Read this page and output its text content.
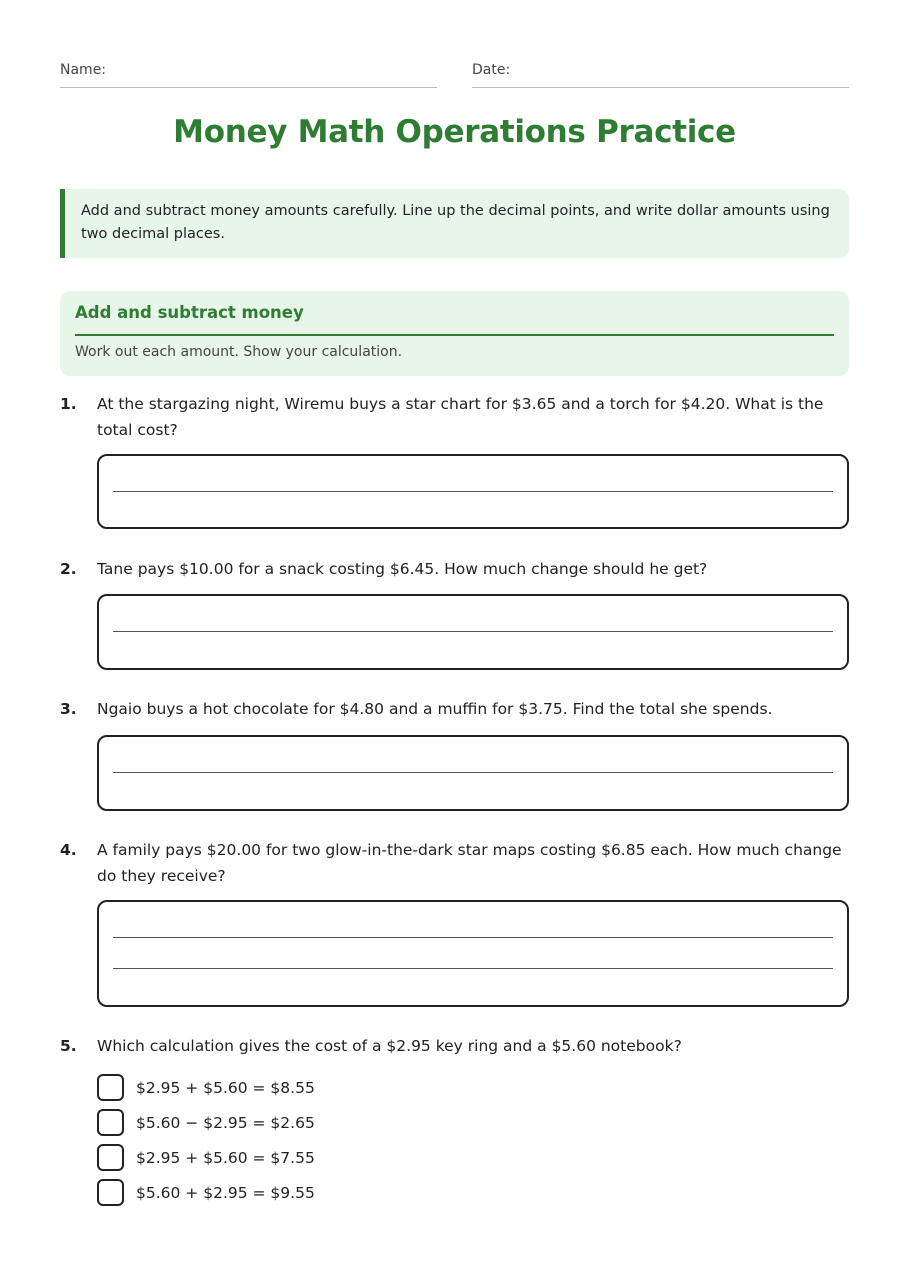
Name:	Date:
Money Math Operations Practice
Add and subtract money amounts carefully. Line up the decimal points, and write dollar amounts using two decimal places.
Add and subtract money
Work out each amount. Show your calculation.
1.	At the stargazing night, Wiremu buys a star chart for $3.65 and a torch for $4.20. What is the total cost?
2.	Tane pays $10.00 for a snack costing $6.45. How much change should he get?
3.	Ngaio buys a hot chocolate for $4.80 and a muffin for $3.75. Find the total she spends.
4.	A family pays $20.00 for two glow-in-the-dark star maps costing $6.85 each. How much change do they receive?
5.	Which calculation gives the cost of a $2.95 key ring and a $5.60 notebook?
$2.95 + $5.60 = $8.55
$5.60 − $2.95 = $2.65
$2.95 + $5.60 = $7.55
$5.60 + $2.95 = $9.55
